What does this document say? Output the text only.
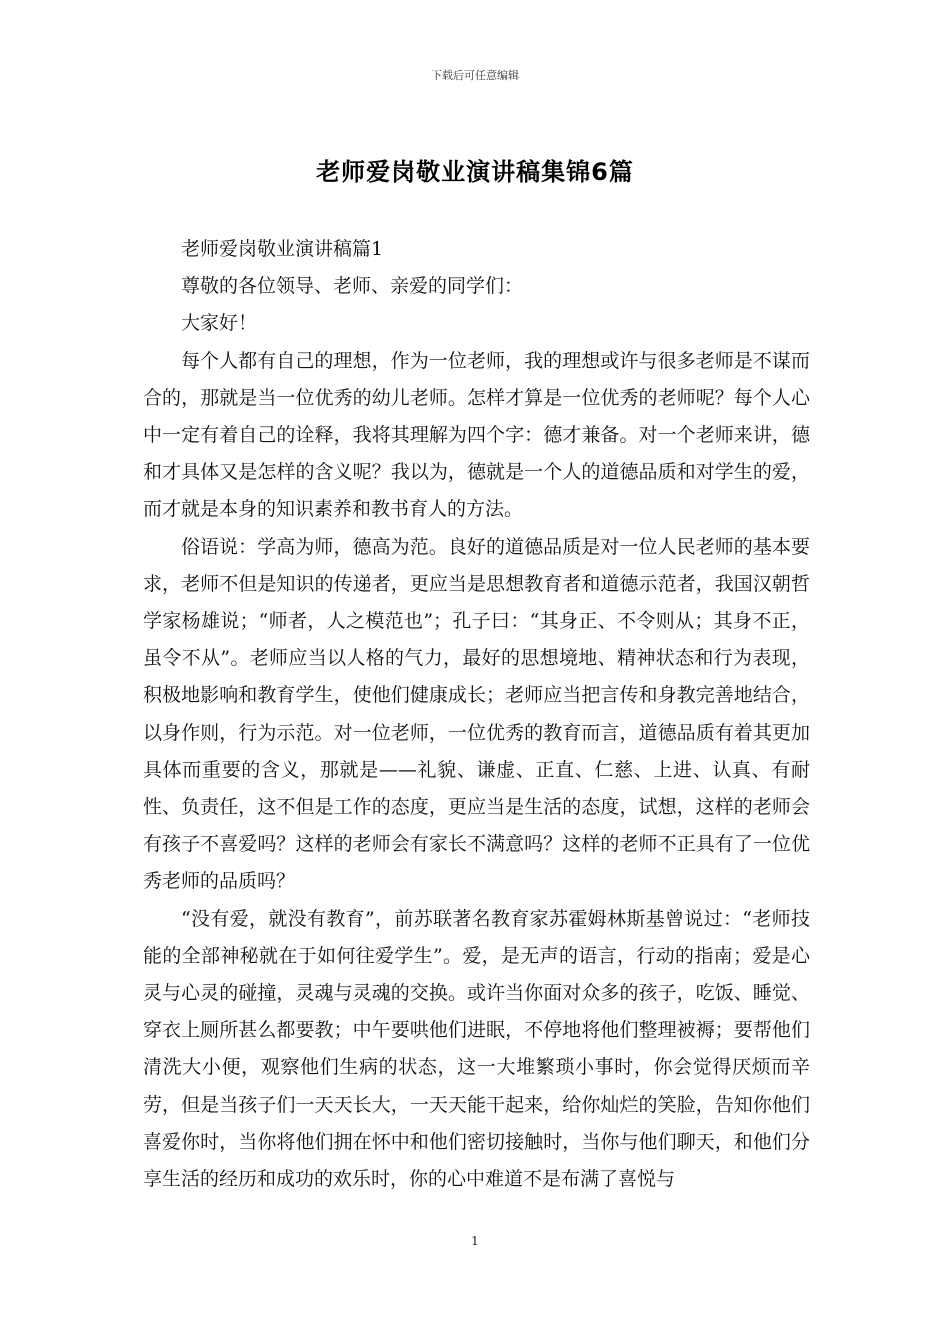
下载后可任意编辑
老师爱岗敬业演讲稿集锦6篇

老师爱岗敬业演讲稿篇1

尊敬的各位领导、老师、亲爱的同学们：

大家好！

每个人都有自己的理想，作为一位老师，我的理想或许与很多老师是不谋而合的，那就是当一位优秀的幼儿老师。怎样才算是一位优秀的老师呢？每个人心中一定有着自己的诠释，我将其理解为四个字：德才兼备。对一个老师来讲，德和才具体又是怎样的含义呢？我以为，德就是一个人的道德品质和对学生的爱，而才就是本身的知识素养和教书育人的方法。

俗语说：学高为师，德高为范。良好的道德品质是对一位人民老师的基本要求，老师不但是知识的传递者，更应当是思想教育者和道德示范者，我国汉朝哲学家杨雄说；“师者，人之模范也”；孔子曰：“其身正、不令则从；其身不正，虽令不从”。老师应当以人格的气力，最好的思想境地、精神状态和行为表现，积极地影响和教育学生，使他们健康成长；老师应当把言传和身教完善地结合，以身作则，行为示范。对一位老师，一位优秀的教育而言，道德品质有着其更加具体而重要的含义，那就是——礼貌、谦虚、正直、仁慈、上进、认真、有耐性、负责任，这不但是工作的态度，更应当是生活的态度，试想，这样的老师会有孩子不喜爱吗？这样的老师会有家长不满意吗？这样的老师不正具有了一位优秀老师的品质吗？

“没有爱，就没有教育”，前苏联著名教育家苏霍姆林斯基曾说过：“老师技能的全部神秘就在于如何往爱学生”。爱，是无声的语言，行动的指南；爱是心灵与心灵的碰撞，灵魂与灵魂的交换。或许当你面对众多的孩子，吃饭、睡觉、穿衣上厕所甚么都要教；中午要哄他们进眠，不停地将他们整理被褥；要帮他们清洗大小便，观察他们生病的状态，这一大堆繁琐小事时，你会觉得厌烦而辛劳，但是当孩子们一天天长大，一天天能干起来，给你灿烂的笑脸，告知你他们喜爱你时，当你将他们拥在怀中和他们密切接触时，当你与他们聊天，和他们分享生活的经历和成功的欢乐时，你的心中难道不是布满了喜悦与

1
